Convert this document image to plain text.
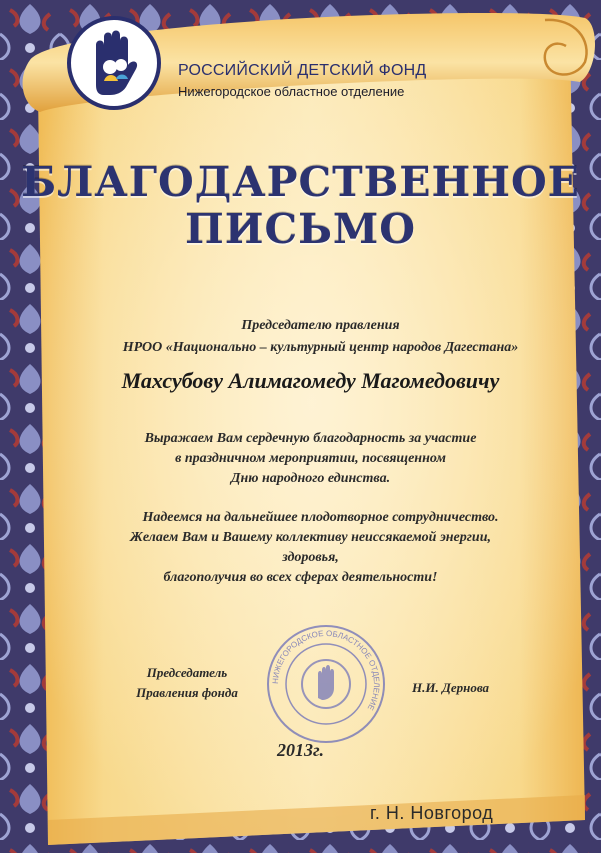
РОССИЙСКИЙ ДЕТСКИЙ ФОНД
Нижегородское областное отделение
БЛАГОДАРСТВЕННОЕ
ПИСЬМО
Председателю правления
НРОО «Национально – культурный центр народов Дагестана»
Махсубову Алимагомеду Магомедовичу
Выражаем Вам сердечную благодарность за участие
в праздничном мероприятии, посвященном
Дню народного единства.
Надеемся на дальнейшее плодотворное сотрудничество.
Желаем Вам и Вашему коллективу неиссякаемой энергии,
здоровья,
благополучия во всех сферах деятельности!
Председатель
Правления фонда
НИЖЕГОРОДСКОЕ ОБЛАСТНОЕ ОТДЕЛЕНИЕ
Н.И. Дернова
2013г.
г. Н. Новгород
